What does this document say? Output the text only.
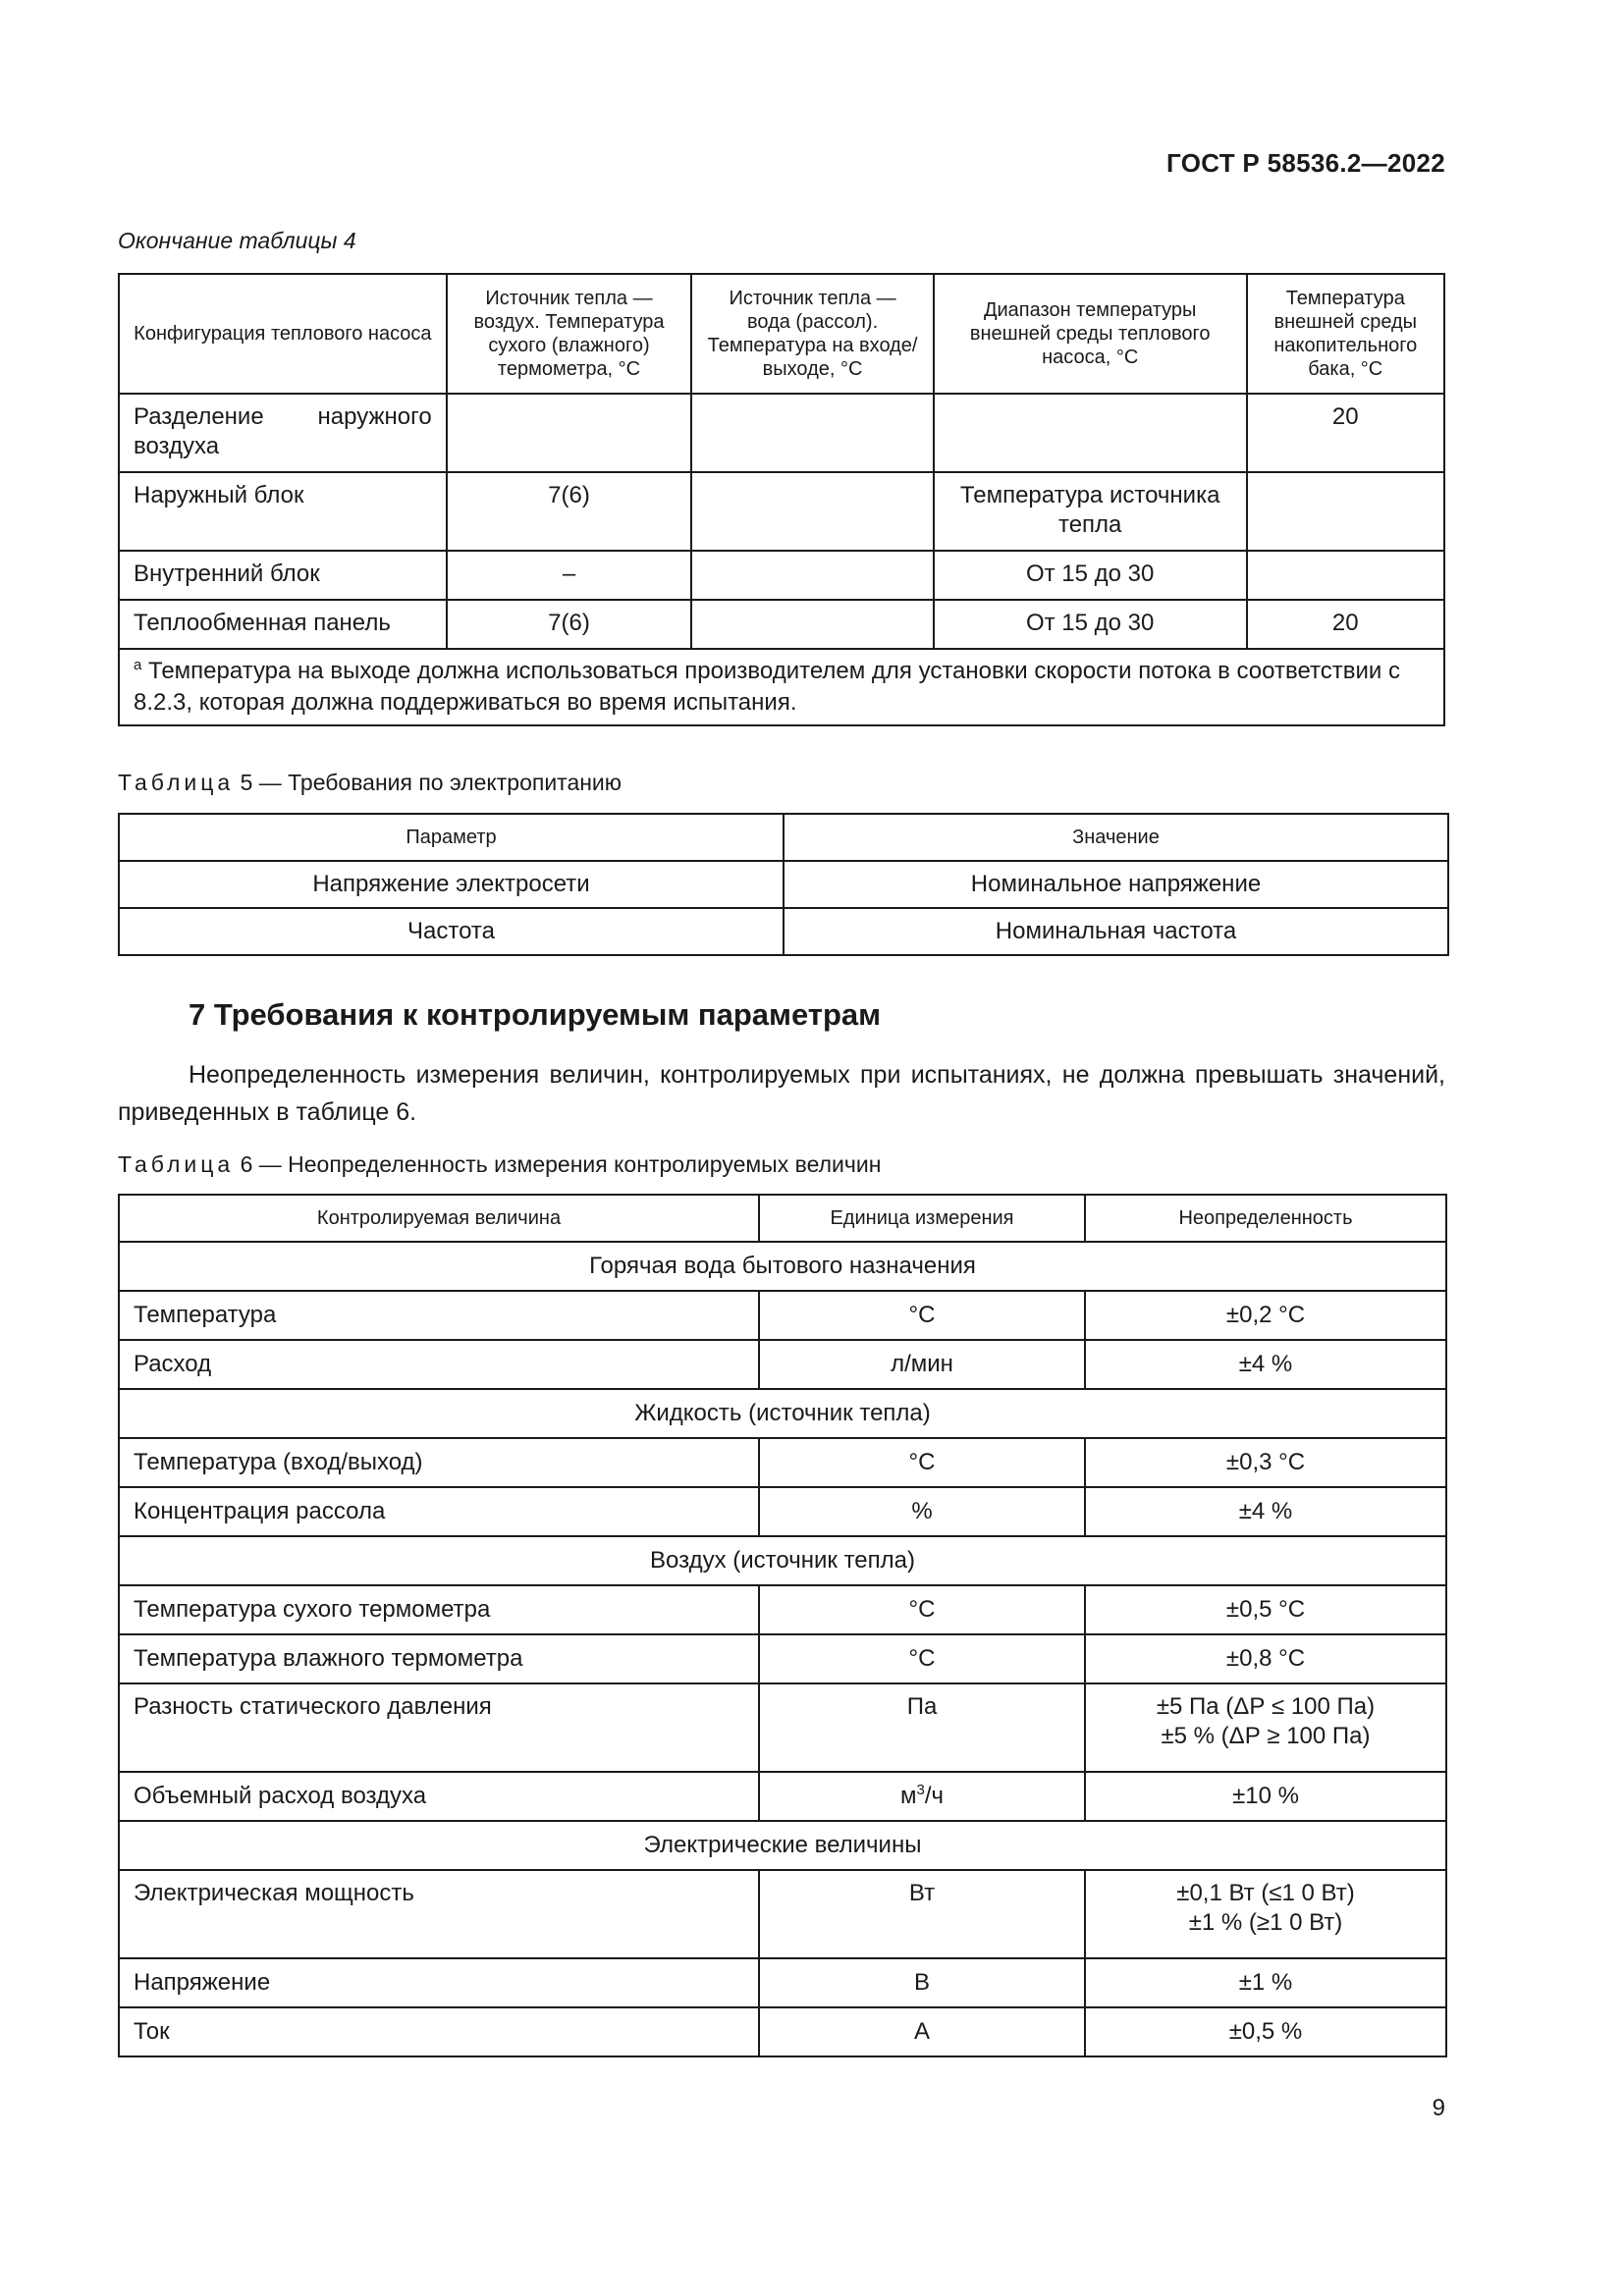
ГОСТ Р 58536.2—2022
Окончание таблицы 4
Конфигурация теплового насоса	Источник тепла — воздух. Температура сухого (влажного) термометра, °С	Источник тепла — вода (рассол). Температура на входе/выходе, °С	Диапазон температуры внешней среды теплового насоса, °С	Температура внешней среды накопительного бака, °С

Разделение наружного
воздуха				20
Наружный блок	7(6)		Температура источника тепла	
Внутренний блок	–		От 15 до 30	
Теплообменная панель	7(6)		От 15 до 30	20
$^a$ Температура на выходе должна использоваться производителем для установки скорости потока в соответствии с 8.2.3, которая должна поддерживаться во время испытания.				
Таблица 5 — Требования по электропитанию
Параметр	Значение
Напряжение электросети	Номинальное напряжение
Частота	Номинальная частота
7 Требования к контролируемым параметрам

Неопределенность измерения величин, контролируемых при испытаниях, не должна превышать значений, приведенных в таблице 6.

Таблица 6 — Неопределенность измерения контролируемых величин
Контролируемая величина	Единица измерения	Неопределенность
Горячая вода бытового назначения		
Температура	°С	±0,2 °С
Расход	л/мин	±4 %
Жидкость (источник тепла)		
Температура (вход/выход)	°С	±0,3 °С
Концентрация рассола	%	±4 %
Воздух (источник тепла)		
Температура сухого термометра	°С	±0,5 °С
Температура влажного термометра	°С	±0,8 °С
Разность статического давления	Па	±5 Па (ΔР ≤ 100 Па)
±5 % (ΔР ≥ 100 Па)

Объемный расход воздуха	$м^3/ч$	±10 %
Электрические величины		
Электрическая мощность	Вт	±0,1 Вт (≤1 0 Вт)
±1 % (≥1 0 Вт)

Напряжение	В	±1 %
Ток	А	±0,5 %
9
